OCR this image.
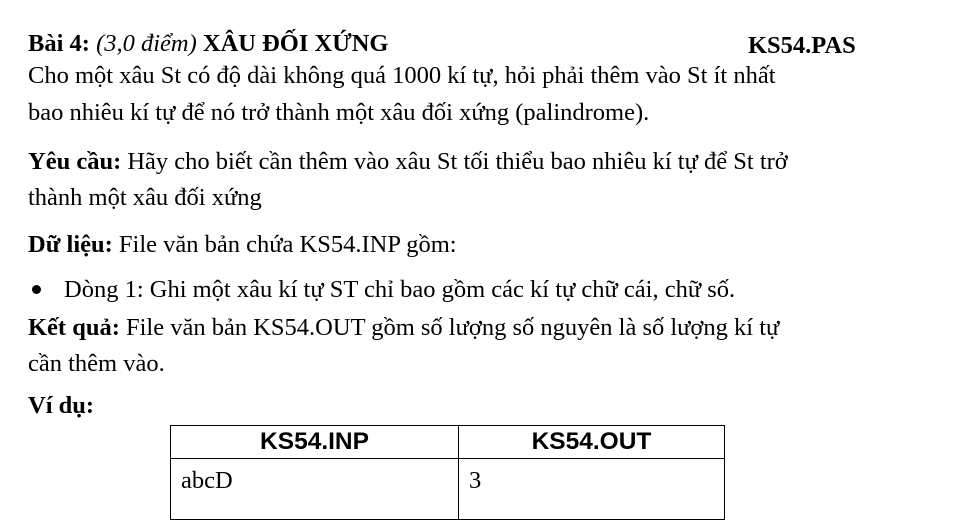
Bài 4: (3,0 điểm) XÂU ĐỐI XỨNG	KS54.PAS
Cho một xâu St có độ dài không quá 1000 kí tự, hỏi phải thêm vào St ít nhất
bao nhiêu kí tự để nó trở thành một xâu đối xứng (palindrome).
Yêu cầu: Hãy cho biết cần thêm vào xâu St tối thiểu bao nhiêu kí tự để St trở
thành một xâu đối xứng
Dữ liệu: File văn bản chứa KS54.INP gồm:
Dòng 1: Ghi một xâu kí tự ST chỉ bao gồm các kí tự chữ cái, chữ số.
Kết quả: File văn bản KS54.OUT gồm số lượng số nguyên là số lượng kí tự
cần thêm vào.
Ví dụ:
KS54.INP	KS54.OUT
abcD	3
